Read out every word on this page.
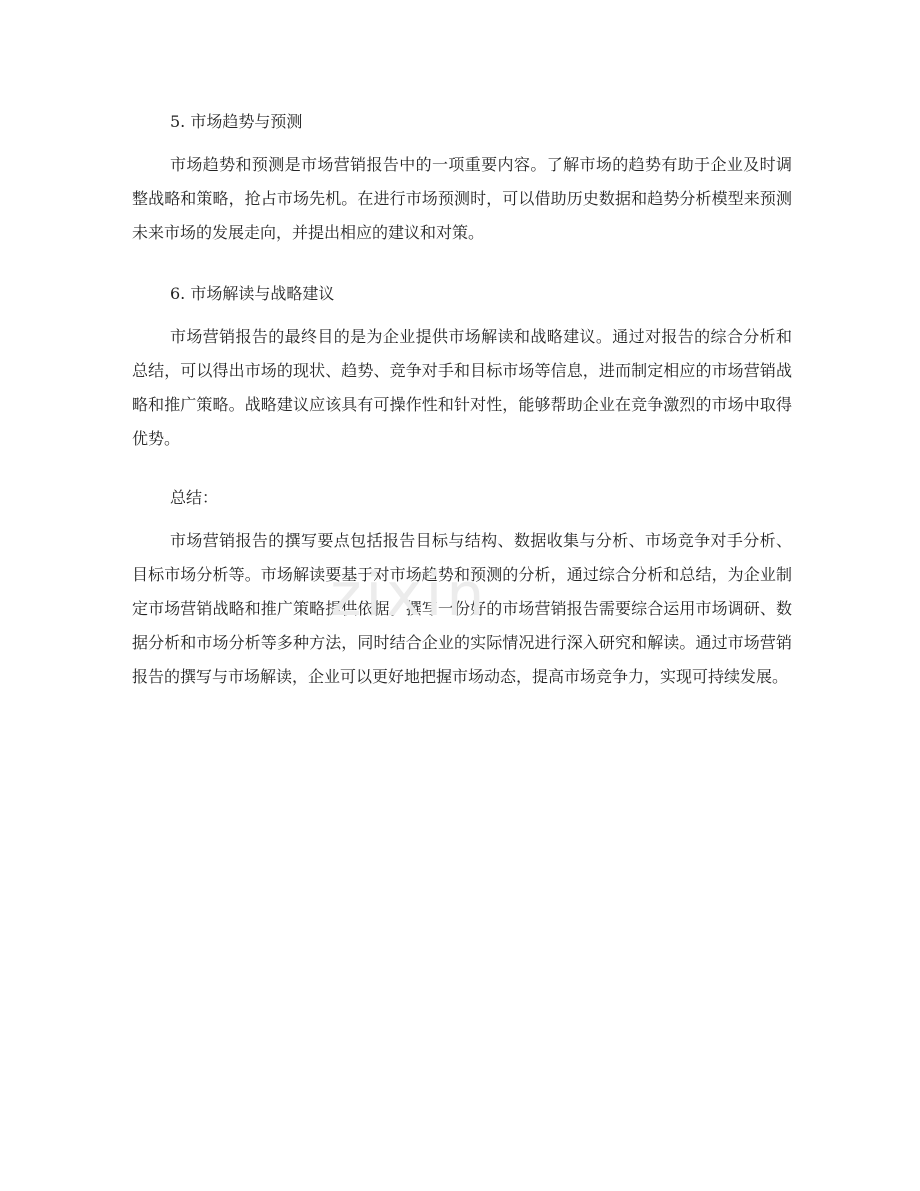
5. 市场趋势与预测

市场趋势和预测是市场营销报告中的一项重要内容。了解市场的趋势有助于企业及时调整战略和策略，抢占市场先机。在进行市场预测时，可以借助历史数据和趋势分析模型来预测未来市场的发展走向，并提出相应的建议和对策。

6. 市场解读与战略建议

市场营销报告的最终目的是为企业提供市场解读和战略建议。通过对报告的综合分析和总结，可以得出市场的现状、趋势、竞争对手和目标市场等信息，进而制定相应的市场营销战略和推广策略。战略建议应该具有可操作性和针对性，能够帮助企业在竞争激烈的市场中取得优势。

总结：

市场营销报告的撰写要点包括报告目标与结构、数据收集与分析、市场竞争对手分析、目标市场分析等。市场解读要基于对市场趋势和预测的分析，通过综合分析和总结，为企业制定市场营销战略和推广策略提供依据。撰写一份好的市场营销报告需要综合运用市场调研、数据分析和市场分析等多种方法，同时结合企业的实际情况进行深入研究和解读。通过市场营销报告的撰写与市场解读，企业可以更好地把握市场动态，提高市场竞争力，实现可持续发展。

zixin
